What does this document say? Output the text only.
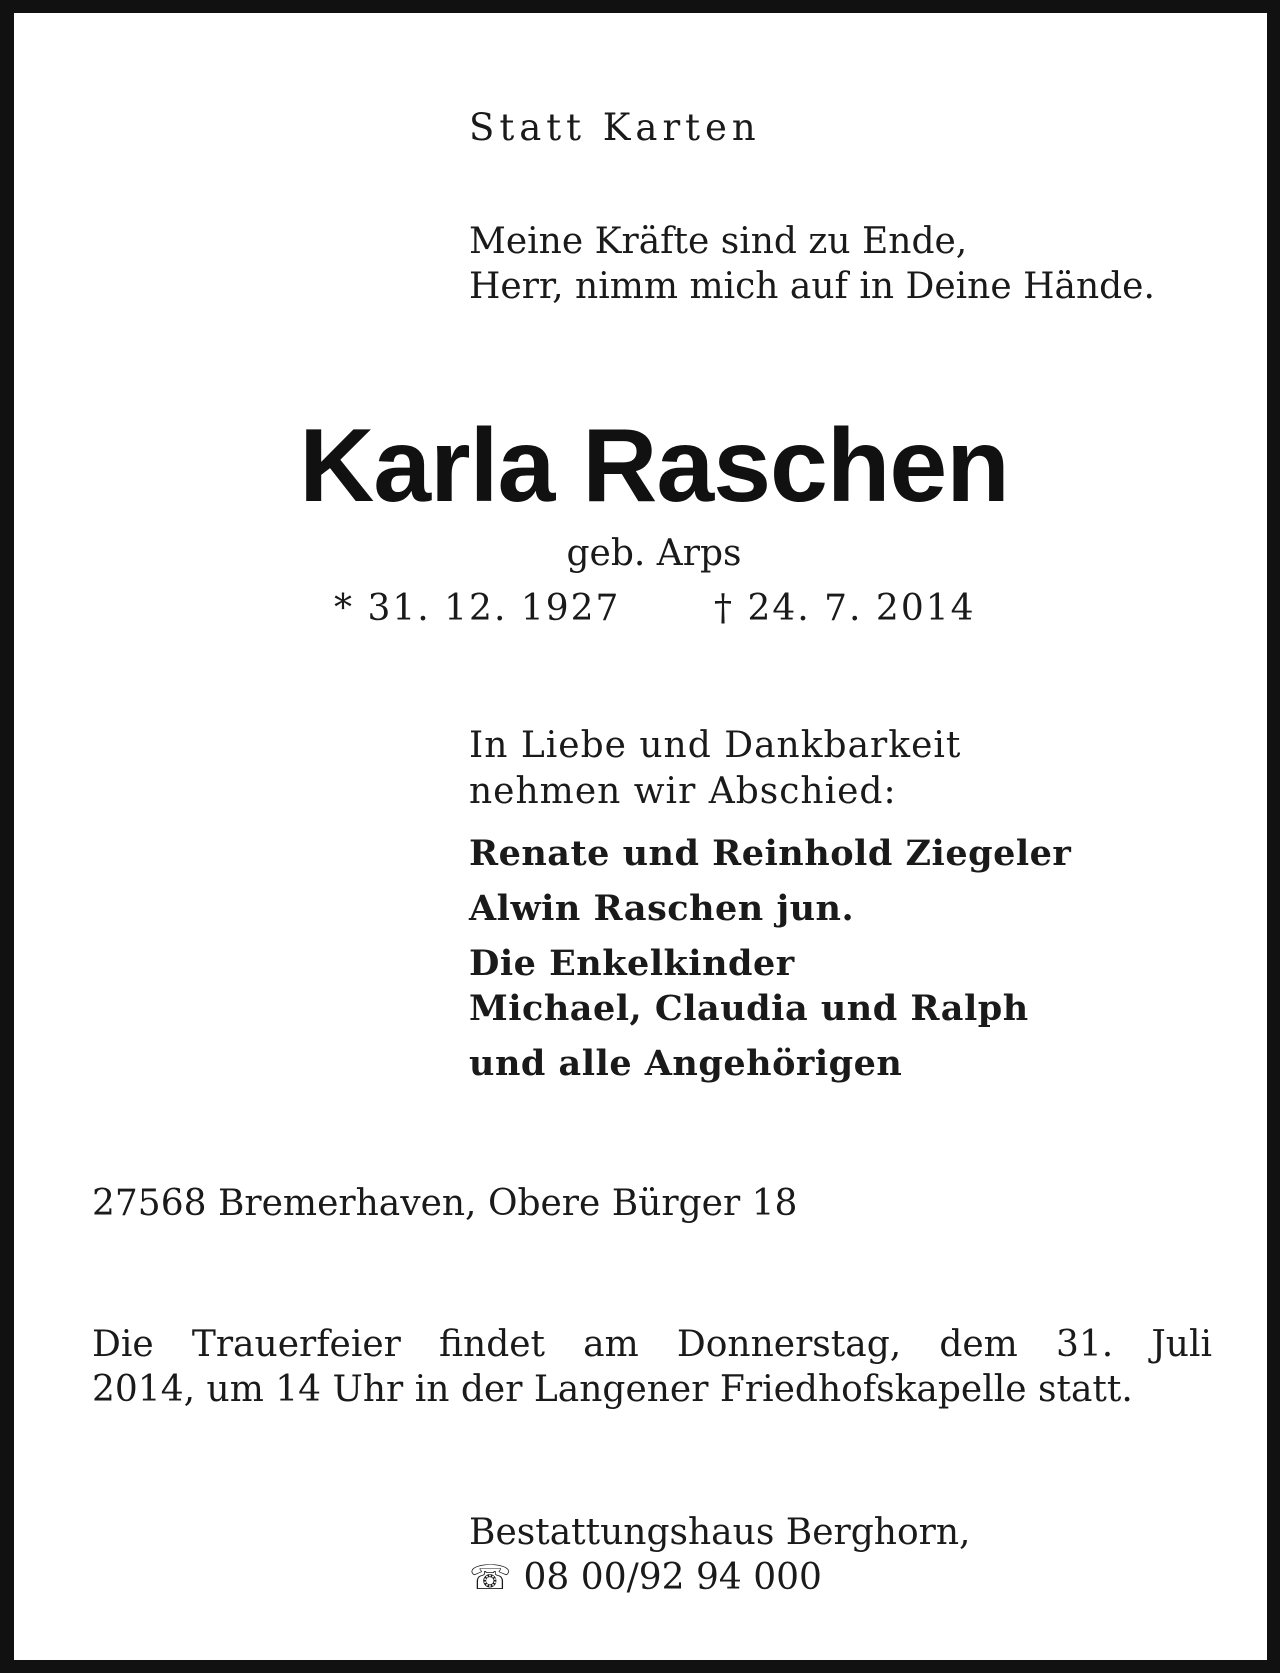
Statt Karten
Meine Kräfte sind zu Ende,
Herr, nimm mich auf in Deine Hände.
Karla Raschen
geb. Arps
* 31. 12. 1927	† 24. 7. 2014
In Liebe und Dankbarkeit
nehmen wir Abschied:
Renate und Reinhold Ziegeler
Alwin Raschen jun.
Die Enkelkinder
Michael, Claudia und Ralph
und alle Angehörigen
27568 Bremerhaven, Obere Bürger 18
Die Trauerfeier findet am Donnerstag, dem 31. Juli
2014, um 14 Uhr in der Langener Friedhofskapelle statt.
Bestattungshaus Berghorn,
☏ 08 00/92 94 000
